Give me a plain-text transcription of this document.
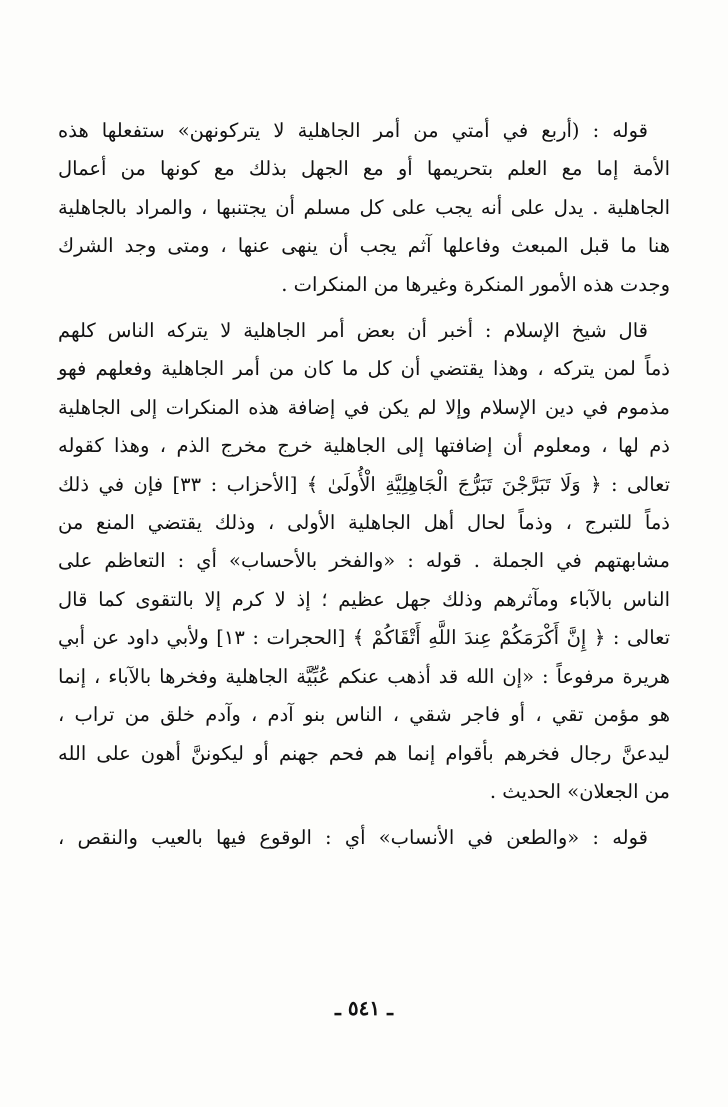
قوله : (أربع في أمتي من أمر الجاهلية لا يتركونهن» ستفعلها هذه
الأمة إما مع العلم بتحريمها أو مع الجهل بذلك مع كونها من أعمال
الجاهلية . يدل على أنه يجب على كل مسلم أن يجتنبها ، والمراد بالجاهلية
هنا ما قبل المبعث وفاعلها آثم يجب أن ينهى عنها ، ومتى وجد الشرك
وجدت هذه الأمور المنكرة وغيرها من المنكرات .

قال شيخ الإسلام : أخبر أن بعض أمر الجاهلية لا يتركه الناس كلهم
ذماً لمن يتركه ، وهذا يقتضي أن كل ما كان من أمر الجاهلية وفعلهم فهو
مذموم في دين الإسلام وإلا لم يكن في إضافة هذه المنكرات إلى الجاهلية
ذم لها ، ومعلوم أن إضافتها إلى الجاهلية خرج مخرج الذم ، وهذا كقوله
تعالى : ﴿ وَلَا تَبَرَّجْنَ تَبَرُّجَ الْجَاهِلِيَّةِ الْأُولَىٰ ﴾ [الأحزاب : ٣٣] فإن في ذلك
ذماً للتبرج ، وذماً لحال أهل الجاهلية الأولى ، وذلك يقتضي المنع من
مشابهتهم في الجملة . قوله : «والفخر بالأحساب» أي : التعاظم على
الناس بالآباء ومآثرهم وذلك جهل عظيم ؛ إذ لا كرم إلا بالتقوى كما قال
تعالى : ﴿ إِنَّ أَكْرَمَكُمْ عِندَ اللَّهِ أَتْقَاكُمْ ﴾ [الحجرات : ١٣] ولأبي داود عن أبي
هريرة مرفوعاً : «إن الله قد أذهب عنكم عُبِّيَّة الجاهلية وفخرها بالآباء ، إنما
هو مؤمن تقي ، أو فاجر شقي ، الناس بنو آدم ، وآدم خلق من تراب ،
ليدعنَّ رجال فخرهم بأقوام إنما هم فحم جهنم أو ليكوننَّ أهون على الله
من الجعلان» الحديث .

قوله : «والطعن في الأنساب» أي : الوقوع فيها بالعيب والنقص ،

ـ ٥٤١ ـ
